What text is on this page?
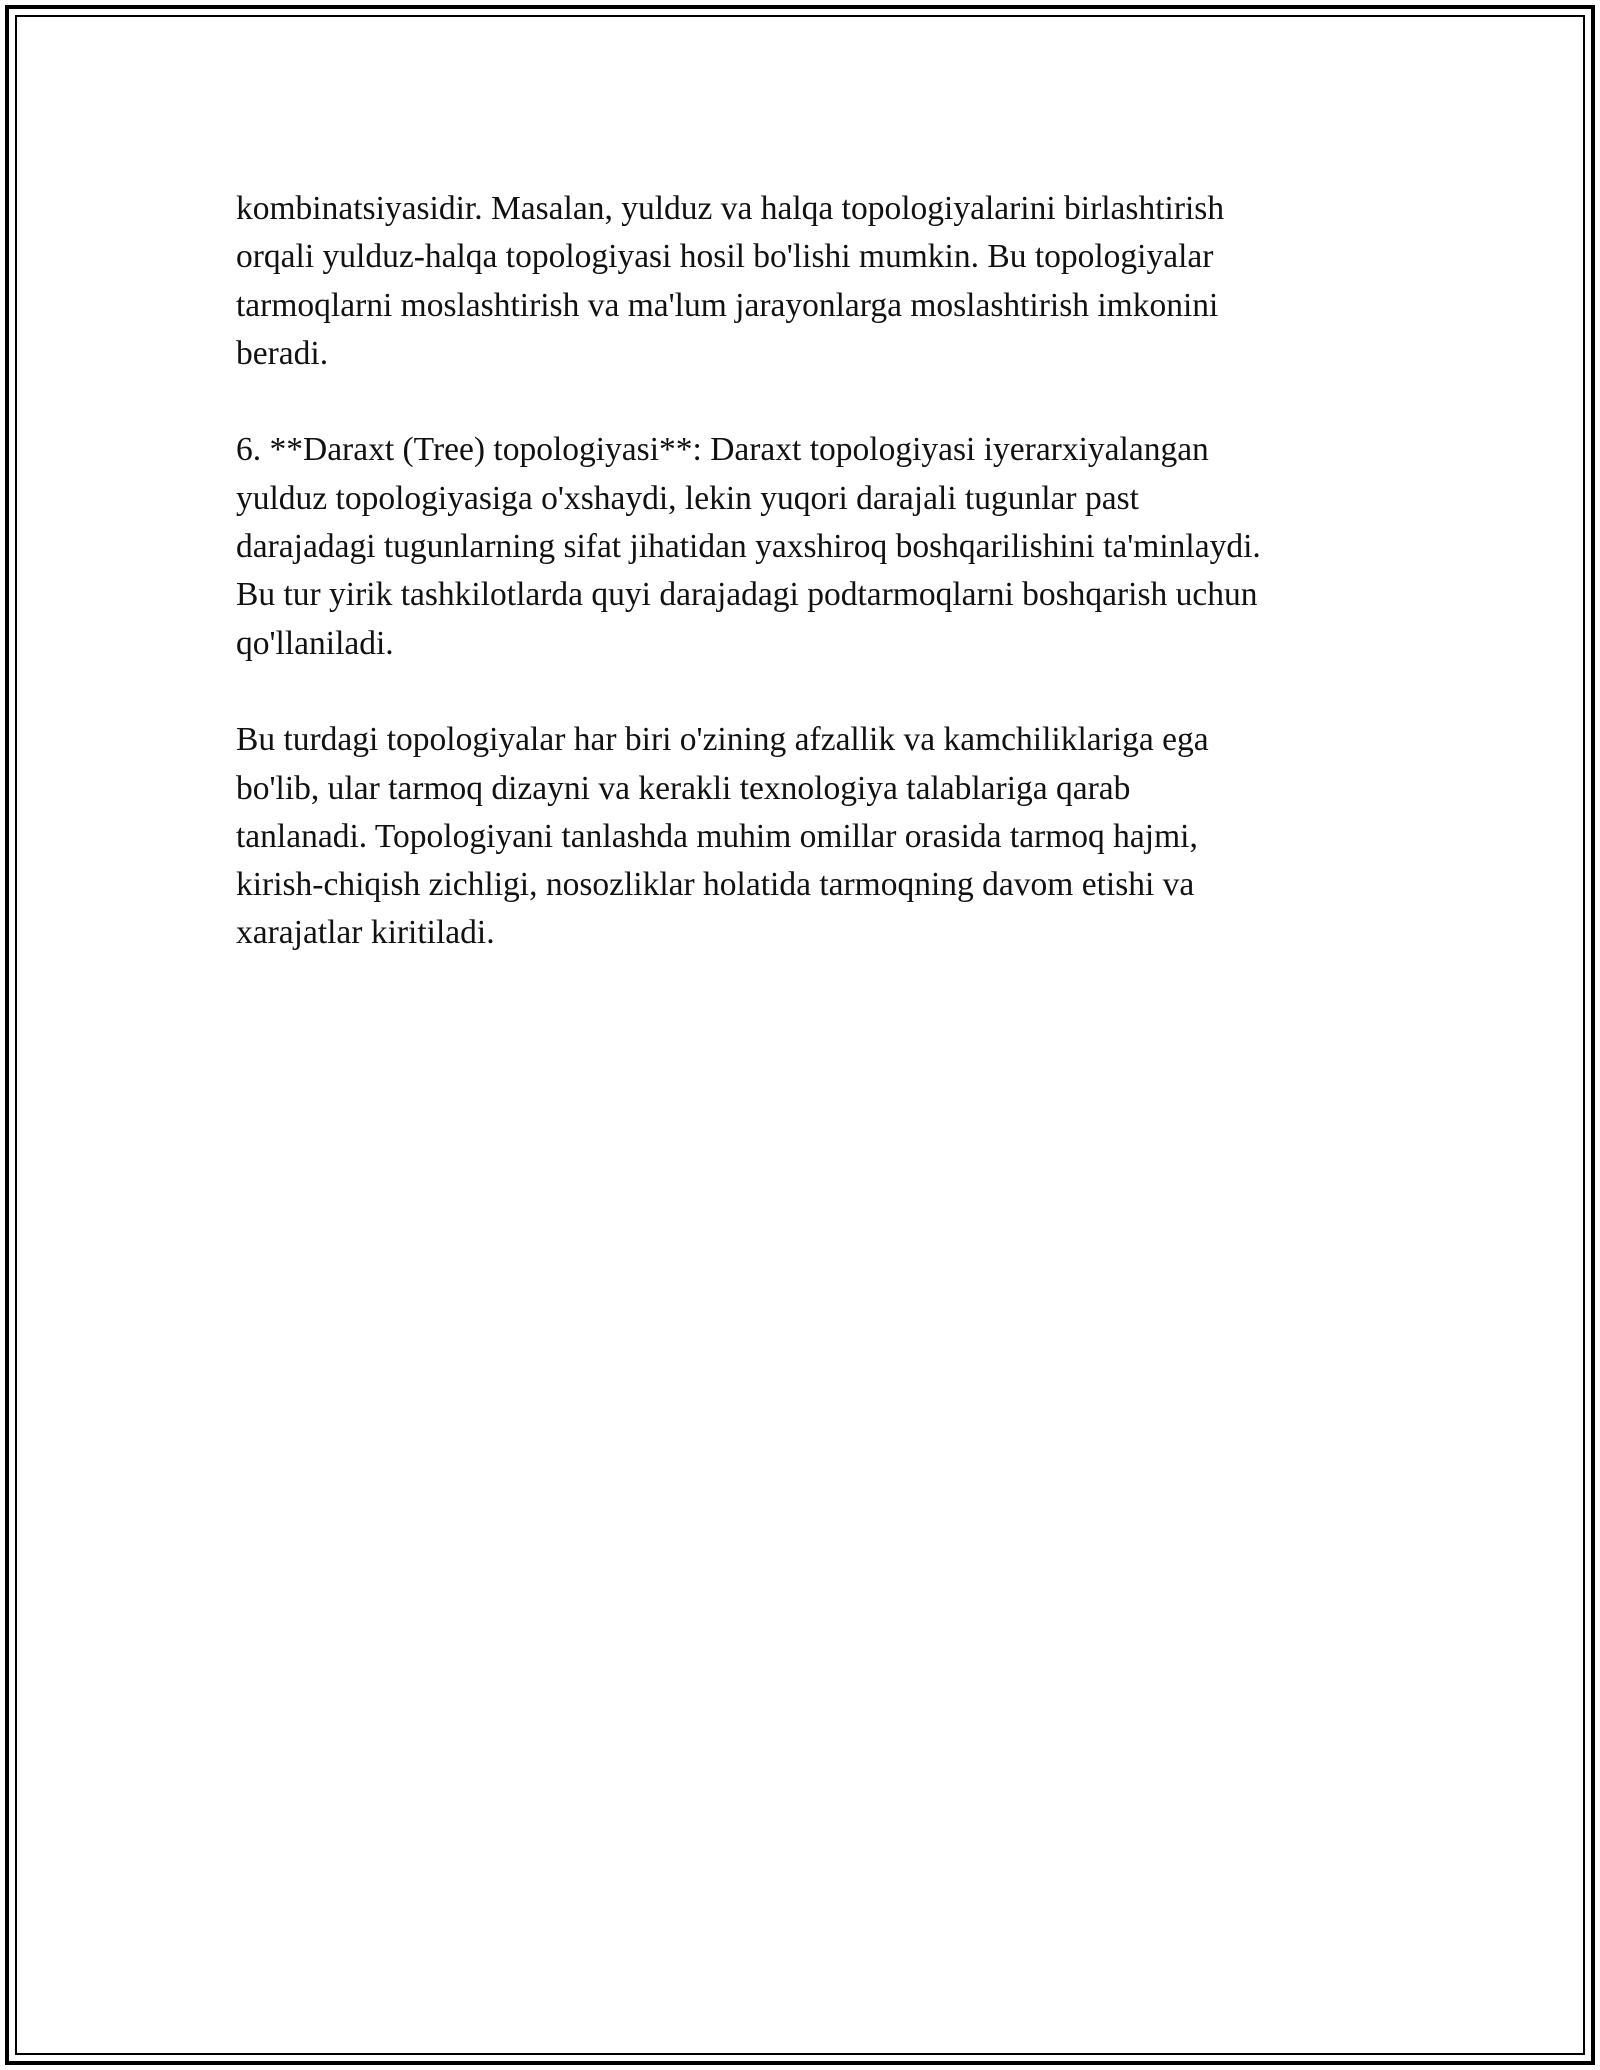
kombinatsiyasidir. Masalan, yulduz va halqa topologiyalarini birlashtirish
orqali yulduz-halqa topologiyasi hosil bo'lishi mumkin. Bu topologiyalar
tarmoqlarni moslashtirish va ma'lum jarayonlarga moslashtirish imkonini
beradi.

6. **Daraxt (Tree) topologiyasi**: Daraxt topologiyasi iyerarxiyalangan
yulduz topologiyasiga o'xshaydi, lekin yuqori darajali tugunlar past
darajadagi tugunlarning sifat jihatidan yaxshiroq boshqarilishini ta'minlaydi.
Bu tur yirik tashkilotlarda quyi darajadagi podtarmoqlarni boshqarish uchun
qo'llaniladi.

Bu turdagi topologiyalar har biri o'zining afzallik va kamchiliklariga ega
bo'lib, ular tarmoq dizayni va kerakli texnologiya talablariga qarab
tanlanadi. Topologiyani tanlashda muhim omillar orasida tarmoq hajmi,
kirish-chiqish zichligi, nosozliklar holatida tarmoqning davom etishi va
xarajatlar kiritiladi.
